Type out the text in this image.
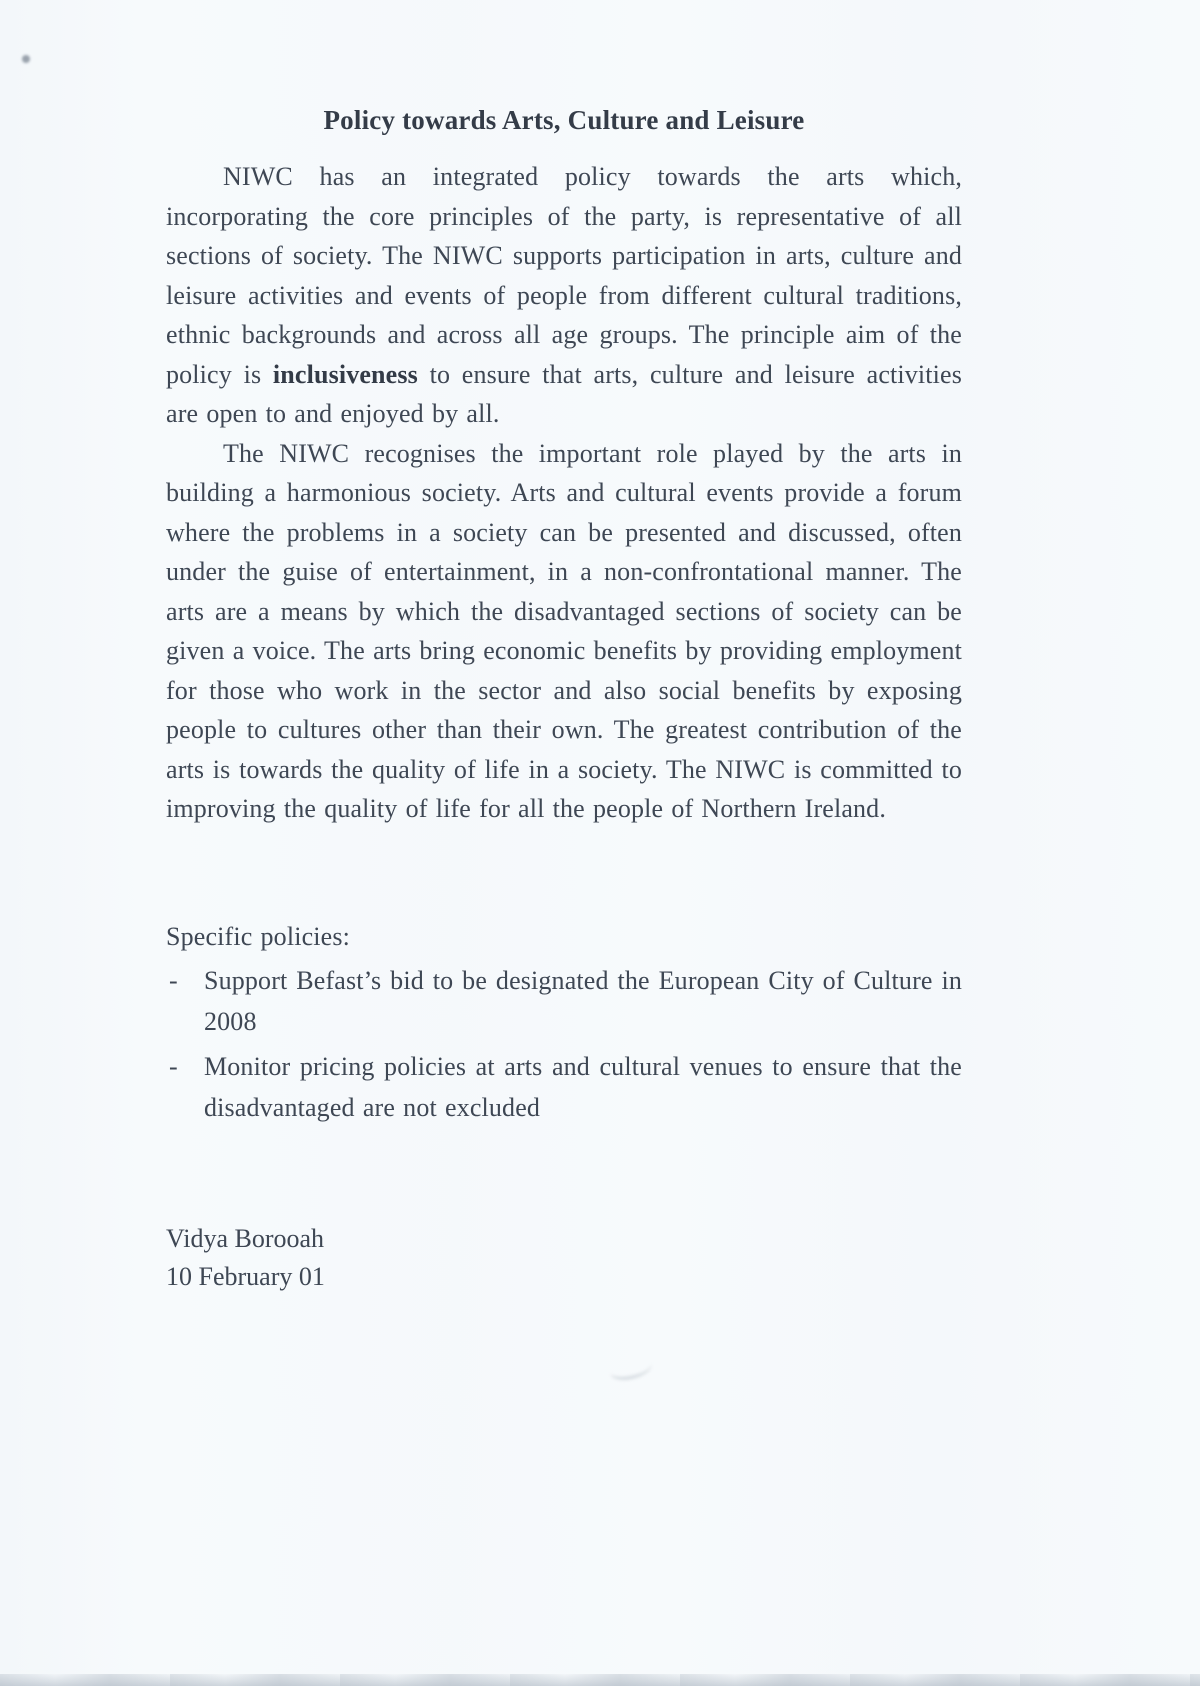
Policy towards Arts, Culture and Leisure

NIWC has an integrated policy towards the arts which, incorporating the core principles of the party, is representative of all sections of society. The NIWC supports participation in arts, culture and leisure activities and events of people from different cultural traditions, ethnic backgrounds and across all age groups. The principle aim of the policy is inclusiveness to ensure that arts, culture and leisure activities are open to and enjoyed by all.

The NIWC recognises the important role played by the arts in building a harmonious society. Arts and cultural events provide a forum where the problems in a society can be presented and discussed, often under the guise of entertainment, in a non-confrontational manner. The arts are a means by which the disadvantaged sections of society can be given a voice. The arts bring economic benefits by providing employment for those who work in the sector and also social benefits by exposing people to cultures other than their own. The greatest contribution of the arts is towards the quality of life in a society. The NIWC is committed to improving the quality of life for all the people of Northern Ireland.

Specific policies:

-	Support Befast’s bid to be designated the European City of Culture in 2008
-	Monitor pricing policies at arts and cultural venues to ensure that the disadvantaged are not excluded

Vidya Borooah

10 February 01
